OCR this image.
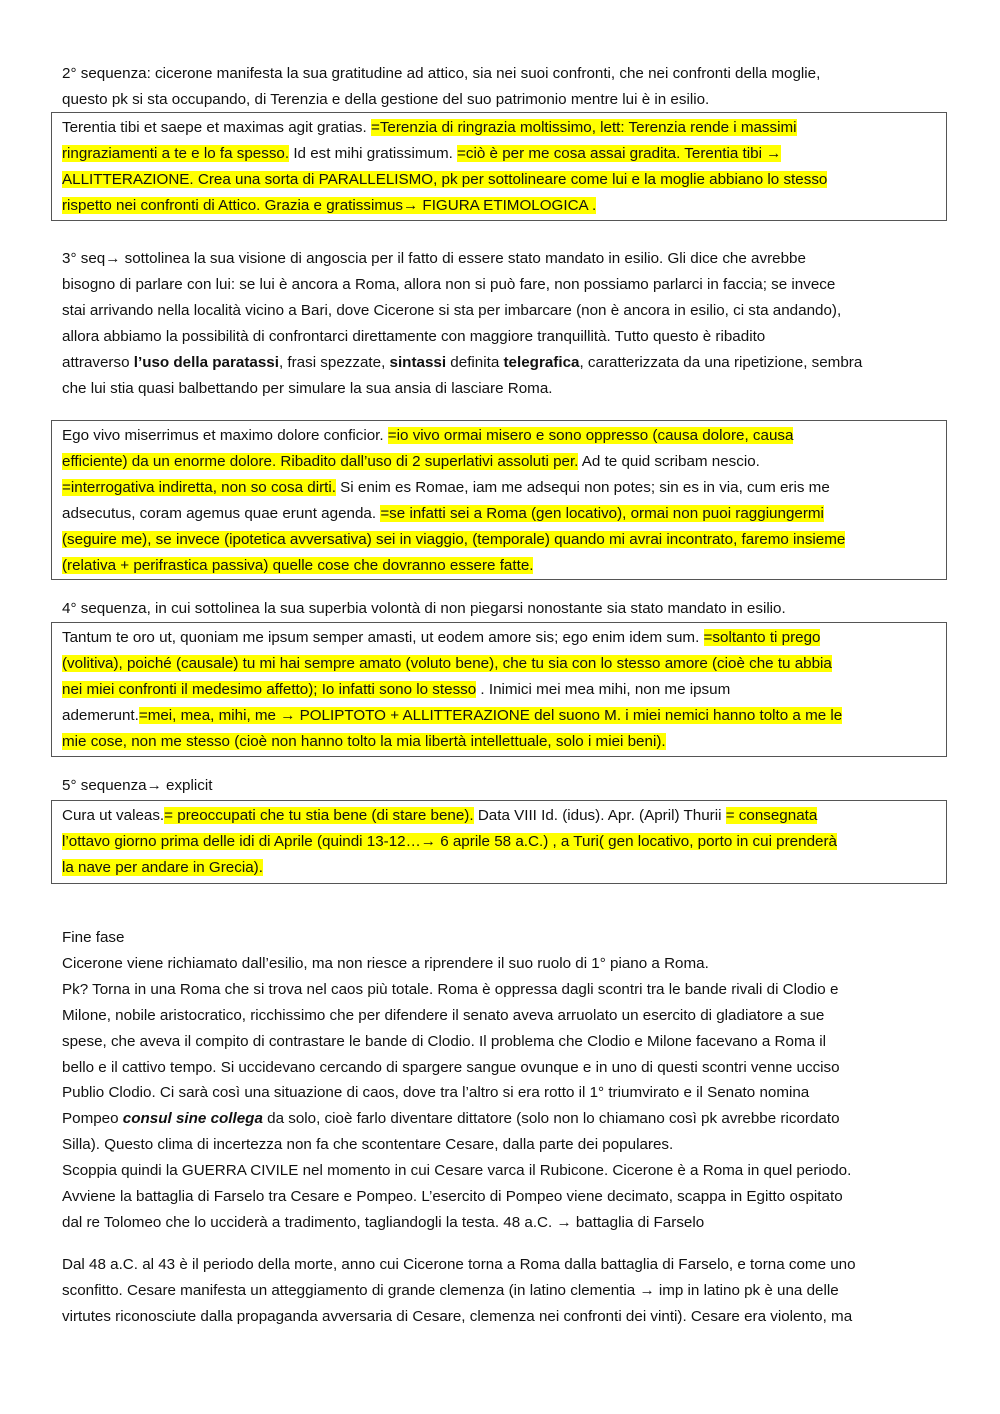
2° sequenza: cicerone manifesta la sua gratitudine ad attico, sia nei suoi confronti, che nei confronti della moglie,
questo pk si sta occupando, di Terenzia e della gestione del suo patrimonio mentre lui è in esilio.

Terentia tibi et saepe et maximas agit gratias. =Terenzia di ringrazia moltissimo, lett: Terenzia rende i massimi
ringraziamenti a te e lo fa spesso. Id est mihi gratissimum. =ciò è per me cosa assai gradita. Terentia tibi →
ALLITTERAZIONE. Crea una sorta di PARALLELISMO, pk per sottolineare come lui e la moglie abbiano lo stesso
rispetto nei confronti di Attico. Grazia e gratissimus→ FIGURA ETIMOLOGICA .

3° seq→ sottolinea la sua visione di angoscia per il fatto di essere stato mandato in esilio. Gli dice che avrebbe
bisogno di parlare con lui: se lui è ancora a Roma, allora non si può fare, non possiamo parlarci in faccia; se invece
stai arrivando nella località vicino a Bari, dove Cicerone si sta per imbarcare (non è ancora in esilio, ci sta andando),
allora abbiamo la possibilità di confrontarci direttamente con maggiore tranquillità. Tutto questo è ribadito
attraverso l’uso della paratassi, frasi spezzate, sintassi definita telegrafica, caratterizzata da una ripetizione, sembra
che lui stia quasi balbettando per simulare la sua ansia di lasciare Roma.

Ego vivo miserrimus et maximo dolore conficior. =io vivo ormai misero e sono oppresso (causa dolore, causa
efficiente) da un enorme dolore. Ribadito dall’uso di 2 superlativi assoluti per. Ad te quid scribam nescio.
=interrogativa indiretta, non so cosa dirti. Si enim es Romae, iam me adsequi non potes; sin es in via, cum eris me
adsecutus, coram agemus quae erunt agenda. =se infatti sei a Roma (gen locativo), ormai non puoi raggiungermi
(seguire me), se invece (ipotetica avversativa) sei in viaggio, (temporale) quando mi avrai incontrato, faremo insieme
(relativa + perifrastica passiva) quelle cose che dovranno essere fatte.

4° sequenza, in cui sottolinea la sua superbia volontà di non piegarsi nonostante sia stato mandato in esilio.

Tantum te oro ut, quoniam me ipsum semper amasti, ut eodem amore sis; ego enim idem sum. =soltanto ti prego
(volitiva), poiché (causale) tu mi hai sempre amato (voluto bene), che tu sia con lo stesso amore (cioè che tu abbia
nei miei confronti il medesimo affetto); Io infatti sono lo stesso . Inimici mei mea mihi, non me ipsum
ademerunt.=mei, mea, mihi, me → POLIPTOTO + ALLITTERAZIONE del suono M. i miei nemici hanno tolto a me le
mie cose, non me stesso (cioè non hanno tolto la mia libertà intellettuale, solo i miei beni).

5° sequenza→ explicit

Cura ut valeas.= preoccupati che tu stia bene (di stare bene). Data VIII Id. (idus). Apr. (April) Thurii = consegnata
l’ottavo giorno prima delle idi di Aprile (quindi 13-12…→ 6 aprile 58 a.C.) , a Turi( gen locativo, porto in cui prenderà
la nave per andare in Grecia).

Fine fase
Cicerone viene richiamato dall’esilio, ma non riesce a riprendere il suo ruolo di 1° piano a Roma.
Pk? Torna in una Roma che si trova nel caos più totale. Roma è oppressa dagli scontri tra le bande rivali di Clodio e
Milone, nobile aristocratico, ricchissimo che per difendere il senato aveva arruolato un esercito di gladiatore a sue
spese, che aveva il compito di contrastare le bande di Clodio. Il problema che Clodio e Milone facevano a Roma il
bello e il cattivo tempo. Si uccidevano cercando di spargere sangue ovunque e in uno di questi scontri venne ucciso
Publio Clodio. Ci sarà così una situazione di caos, dove tra l’altro si era rotto il 1° triumvirato e il Senato nomina
Pompeo consul sine collega da solo, cioè farlo diventare dittatore (solo non lo chiamano così pk avrebbe ricordato
Silla). Questo clima di incertezza non fa che scontentare Cesare, dalla parte dei populares.
Scoppia quindi la GUERRA CIVILE nel momento in cui Cesare varca il Rubicone. Cicerone è a Roma in quel periodo.
Avviene la battaglia di Farselo tra Cesare e Pompeo. L’esercito di Pompeo viene decimato, scappa in Egitto ospitato
dal re Tolomeo che lo ucciderà a tradimento, tagliandogli la testa. 48 a.C. → battaglia di Farselo

Dal 48 a.C. al 43 è il periodo della morte, anno cui Cicerone torna a Roma dalla battaglia di Farselo, e torna come uno
sconfitto. Cesare manifesta un atteggiamento di grande clemenza (in latino clementia → imp in latino pk è una delle
virtutes riconosciute dalla propaganda avversaria di Cesare, clemenza nei confronti dei vinti). Cesare era violento, ma
